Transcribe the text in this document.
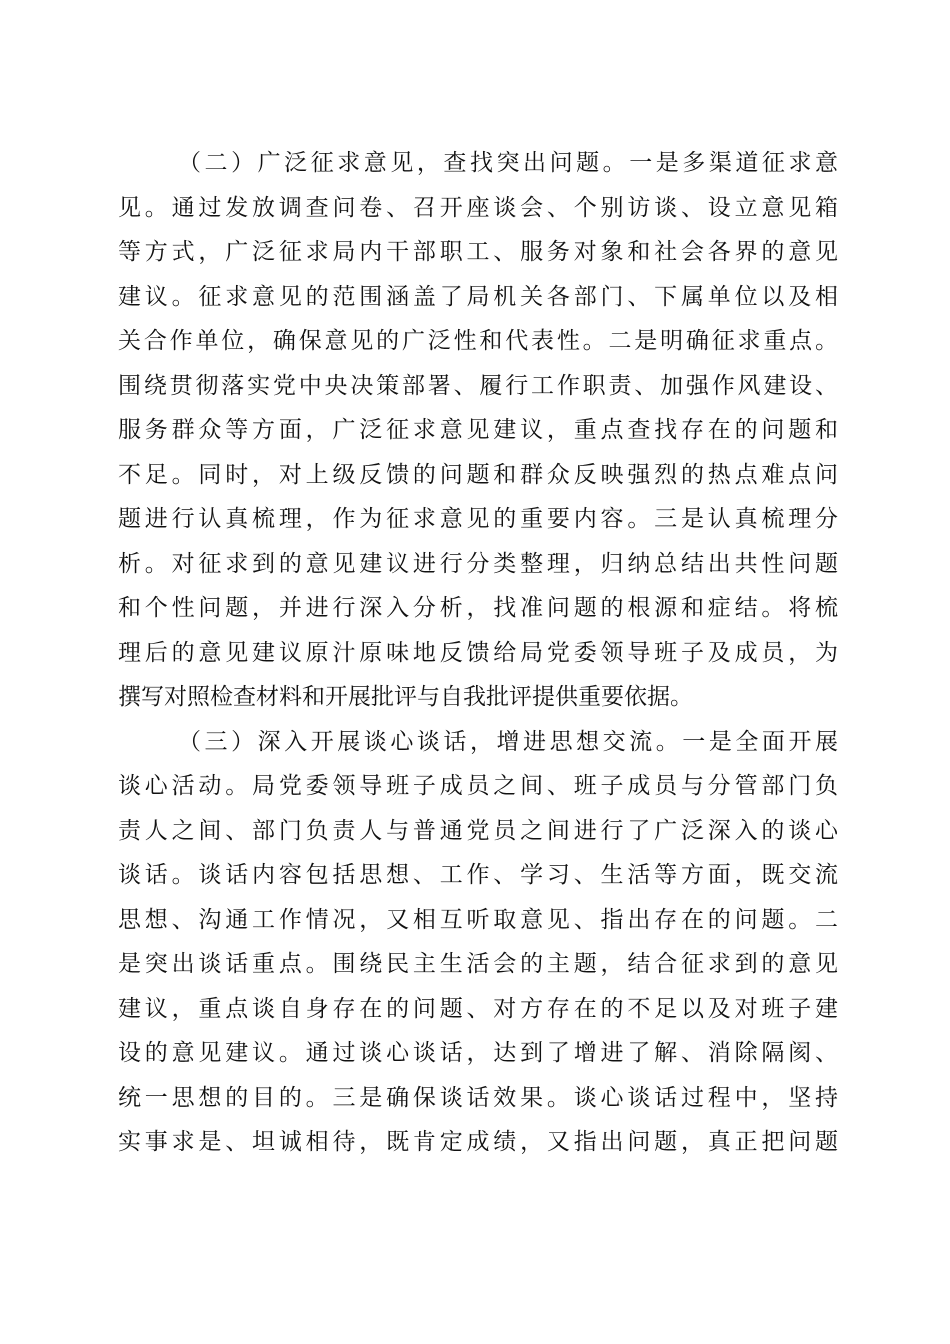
（二）广泛征求意见，查找突出问题。一是多渠道征求意
见。通过发放调查问卷、召开座谈会、个别访谈、设立意见箱
等方式，广泛征求局内干部职工、服务对象和社会各界的意见
建议。征求意见的范围涵盖了局机关各部门、下属单位以及相
关合作单位，确保意见的广泛性和代表性。二是明确征求重点。
围绕贯彻落实党中央决策部署、履行工作职责、加强作风建设、
服务群众等方面，广泛征求意见建议，重点查找存在的问题和
不足。同时，对上级反馈的问题和群众反映强烈的热点难点问
题进行认真梳理，作为征求意见的重要内容。三是认真梳理分
析。对征求到的意见建议进行分类整理，归纳总结出共性问题
和个性问题，并进行深入分析，找准问题的根源和症结。将梳
理后的意见建议原汁原味地反馈给局党委领导班子及成员，为
撰写对照检查材料和开展批评与自我批评提供重要依据。
（三）深入开展谈心谈话，增进思想交流。一是全面开展
谈心活动。局党委领导班子成员之间、班子成员与分管部门负
责人之间、部门负责人与普通党员之间进行了广泛深入的谈心
谈话。谈话内容包括思想、工作、学习、生活等方面，既交流
思想、沟通工作情况，又相互听取意见、指出存在的问题。二
是突出谈话重点。围绕民主生活会的主题，结合征求到的意见
建议，重点谈自身存在的问题、对方存在的不足以及对班子建
设的意见建议。通过谈心谈话，达到了增进了解、消除隔阂、
统一思想的目的。三是确保谈话效果。谈心谈话过程中，坚持
实事求是、坦诚相待，既肯定成绩，又指出问题，真正把问题
